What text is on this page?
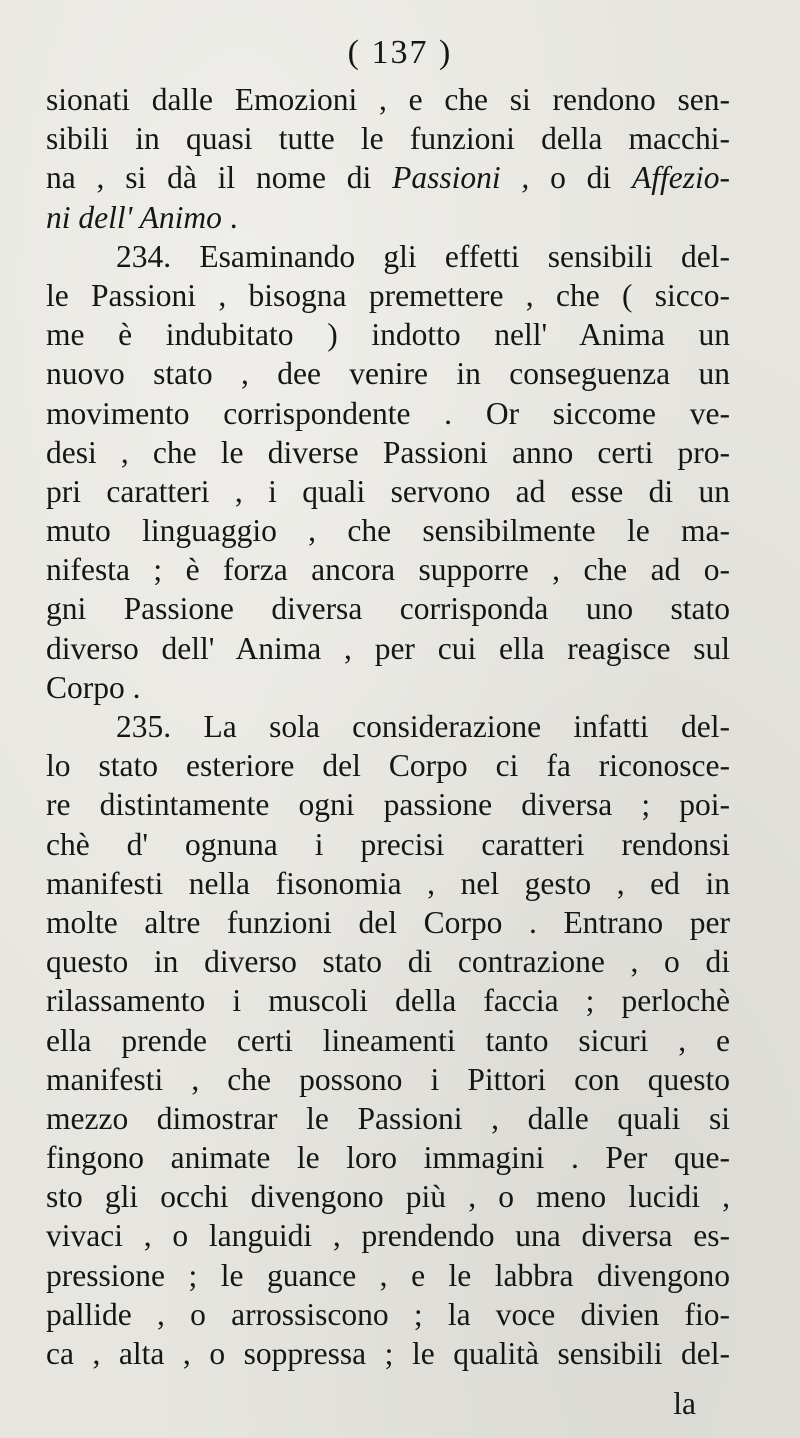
( 137 )
sionati dalle Emozioni , e che si rendono sen-
sibili in quasi tutte le funzioni della macchi-
na , si dà il nome di Passioni , o di Affezio-
ni dell' Animo .
234. Esaminando gli effetti sensibili del-
le Passioni , bisogna premettere , che ( sicco-
me è indubitato ) indotto nell' Anima un
nuovo stato , dee venire in conseguenza un
movimento corrispondente . Or siccome ve-
desi , che le diverse Passioni anno certi pro-
pri caratteri , i quali servono ad esse di un
muto linguaggio , che sensibilmente le ma-
nifesta ; è forza ancora supporre , che ad o-
gni Passione diversa corrisponda uno stato
diverso dell' Anima , per cui ella reagisce sul
Corpo .
235. La sola considerazione infatti del-
lo stato esteriore del Corpo ci fa riconosce-
re distintamente ogni passione diversa ; poi-
chè d' ognuna i precisi caratteri rendonsi
manifesti nella fisonomia , nel gesto , ed in
molte altre funzioni del Corpo . Entrano per
questo in diverso stato di contrazione , o di
rilassamento i muscoli della faccia ; perlochè
ella prende certi lineamenti tanto sicuri , e
manifesti , che possono i Pittori con questo
mezzo dimostrar le Passioni , dalle quali si
fingono animate le loro immagini . Per que-
sto gli occhi divengono più , o meno lucidi ,
vivaci , o languidi , prendendo una diversa es-
pressione ; le guance , e le labbra divengono
pallide , o arrossiscono ; la voce divien fio-
ca , alta , o soppressa ; le qualità sensibili del-
la
